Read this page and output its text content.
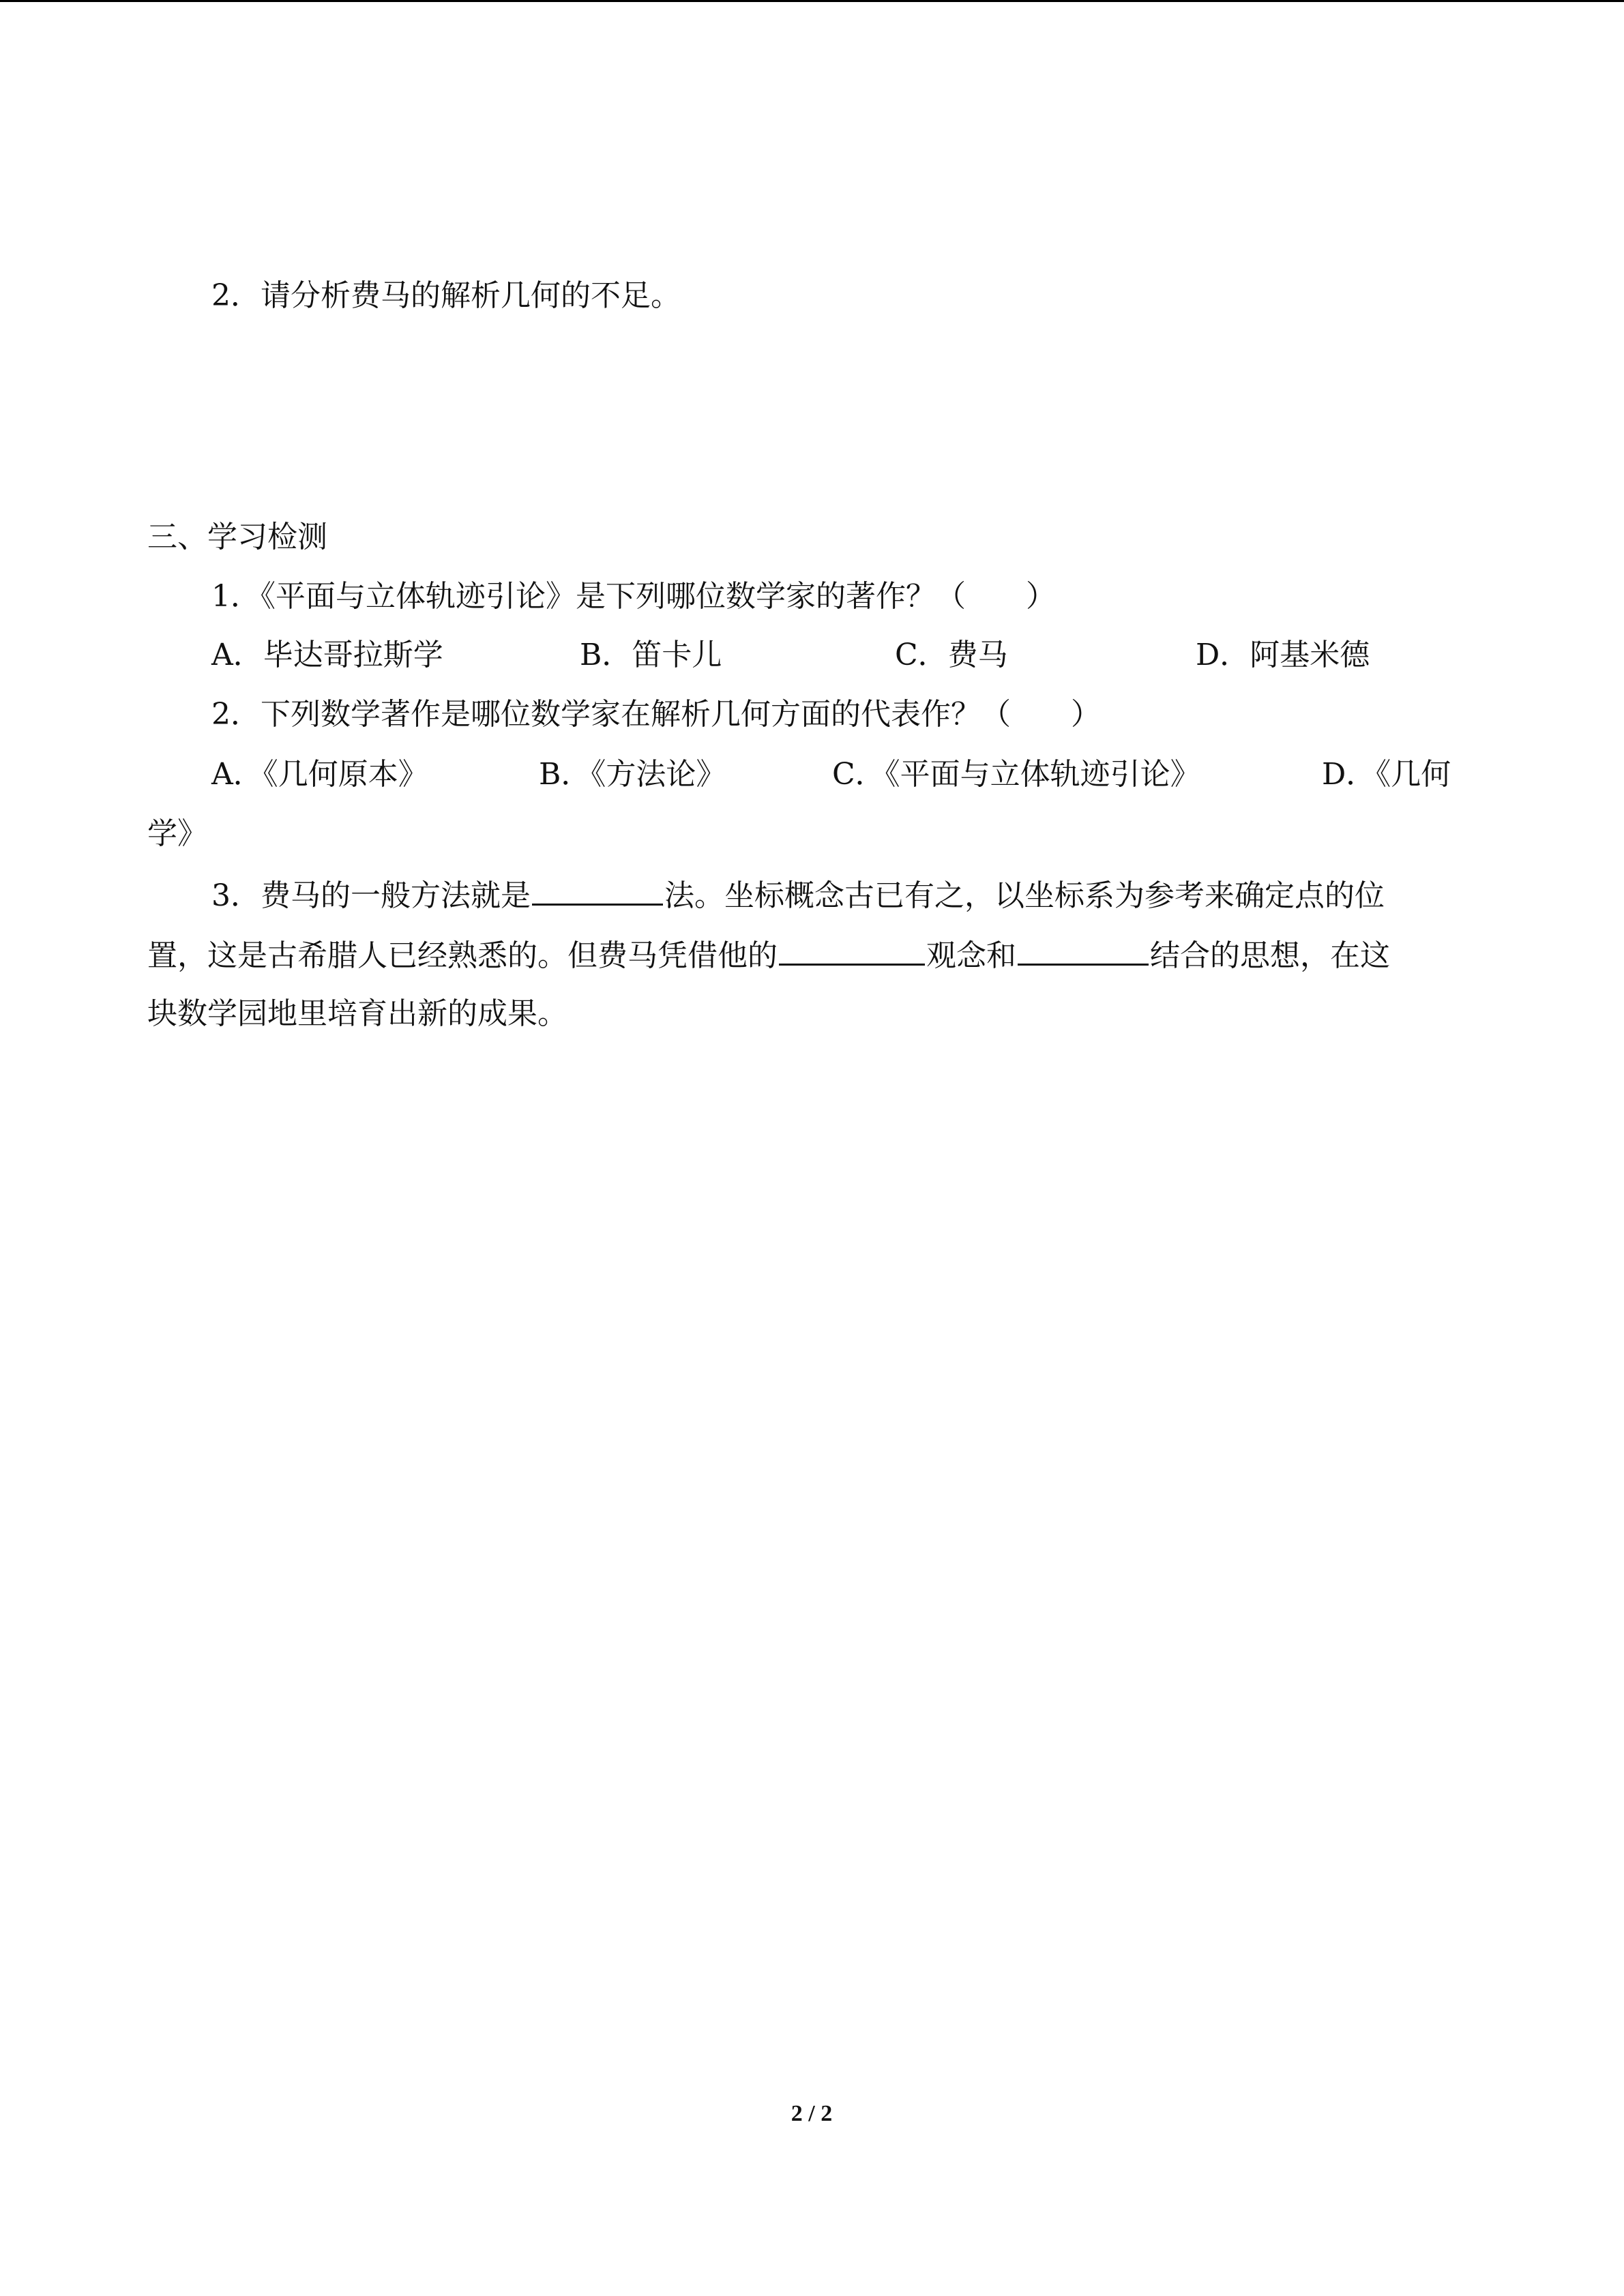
2．请分析费马的解析几何的不足。
三、学习检测
1．《平面与立体轨迹引论》是下列哪位数学家的著作？（　　）
A．毕达哥拉斯学	B．笛卡儿	C．费马	D．阿基米德
2．下列数学著作是哪位数学家在解析几何方面的代表作？（　　）
A．《几何原本》	B．《方法论》	C．《平面与立体轨迹引论》	D．《几何
学》
3．费马的一般方法就是	法。坐标概念古已有之，以坐标系为参考来确定点的位
置，这是古希腊人已经熟悉的。但费马凭借他的	观念和	结合的思想，在这
块数学园地里培育出新的成果。
2 / 2
